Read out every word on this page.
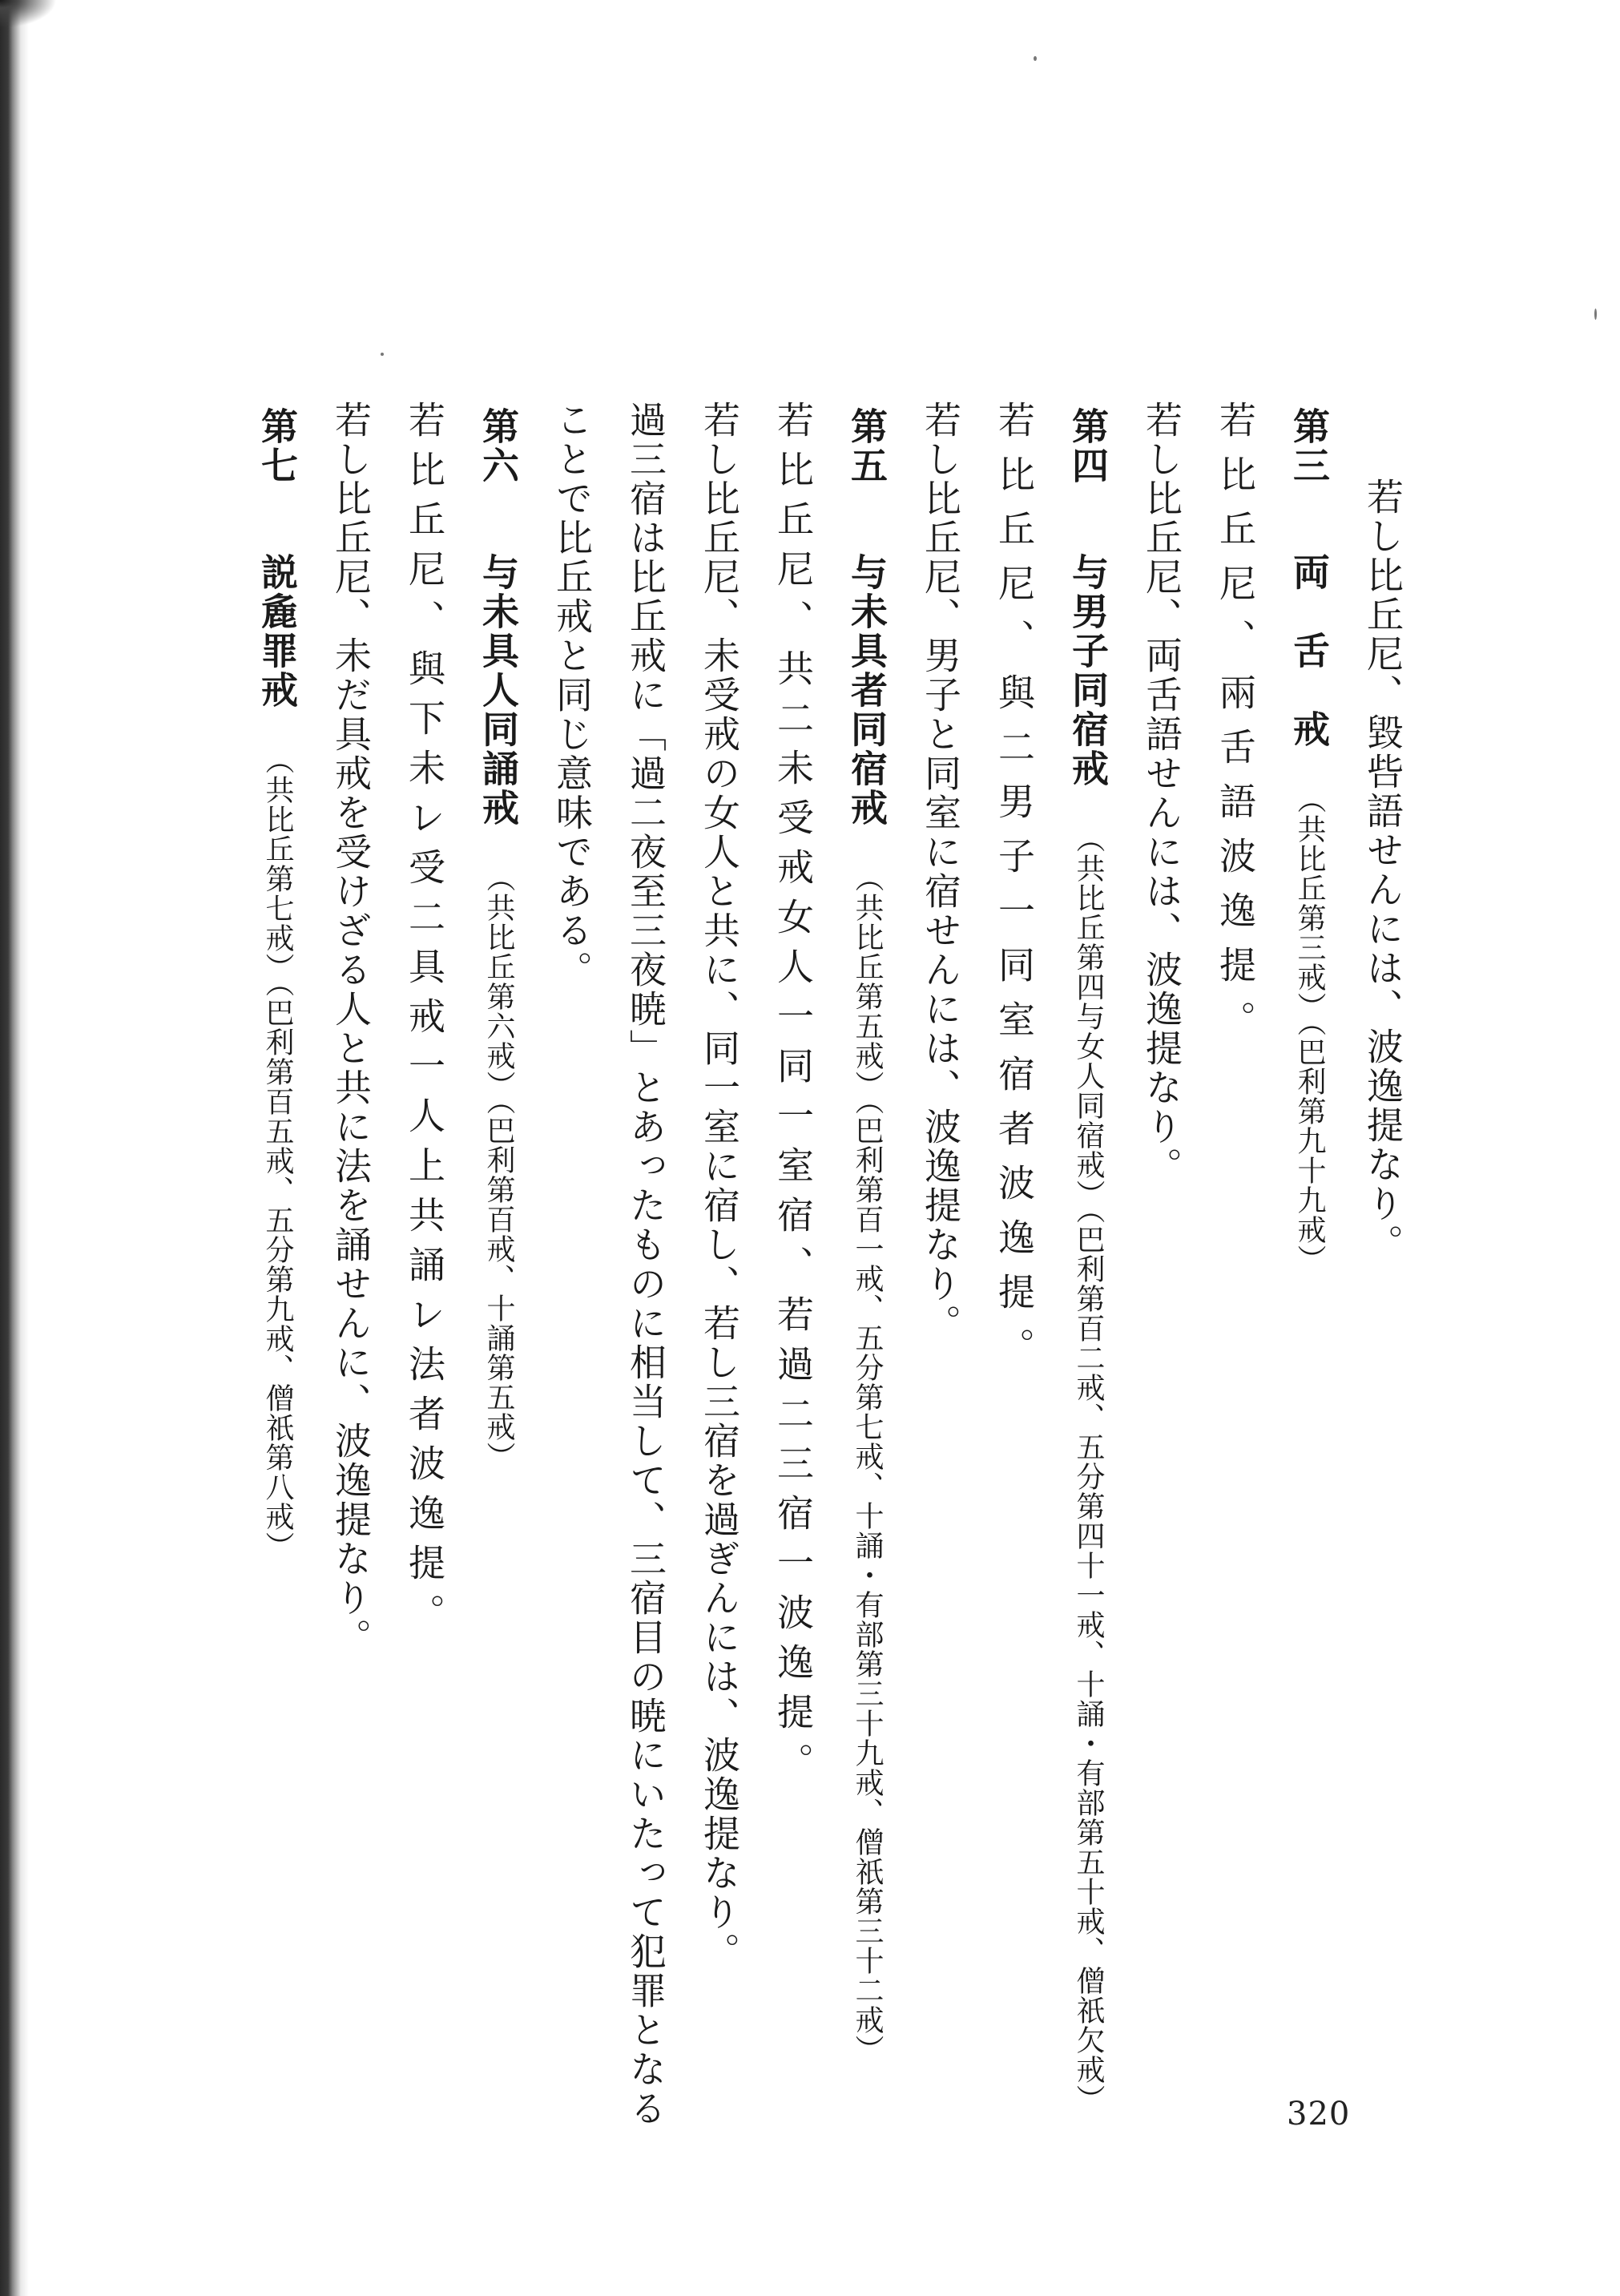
若し比丘尼、毀呰語せんには、波逸提なり。
第三両　舌　戒（共比丘第三戒）（巴利第九十九戒）
若比丘尼、兩舌語波逸提。
若し比丘尼、両舌語せんには、波逸提なり。
第四与男子同宿戒（共比丘第四与女人同宿戒）（巴利第百二戒、五分第四十一戒、十誦・有部第五十戒、僧祇欠戒）
若比丘尼、與二男子一同室宿者波逸提。
若し比丘尼、男子と同室に宿せんには、波逸提なり。
第五与未具者同宿戒（共比丘第五戒）（巴利第百一戒、五分第七戒、十誦・有部第三十九戒、僧祇第三十二戒）
若比丘尼、共二未受戒女人一同一室宿、若過二三宿一波逸提。
若し比丘尼、未受戒の女人と共に、同一室に宿し、若し三宿を過ぎんには、波逸提なり。
過三宿は比丘戒に「過二夜至三夜暁」とあったものに相当して、三宿目の暁にいたって犯罪となる
ことで比丘戒と同じ意味である。
第六与未具人同誦戒（共比丘第六戒）（巴利第百戒、十誦第五戒）
若比丘尼、與下未レ受二具戒一人上共誦レ法者波逸提。
若し比丘尼、未だ具戒を受けざる人と共に法を誦せんに、波逸提なり。
第七説麁罪戒（共比丘第七戒）（巴利第百五戒、五分第九戒、僧祇第八戒）
320
